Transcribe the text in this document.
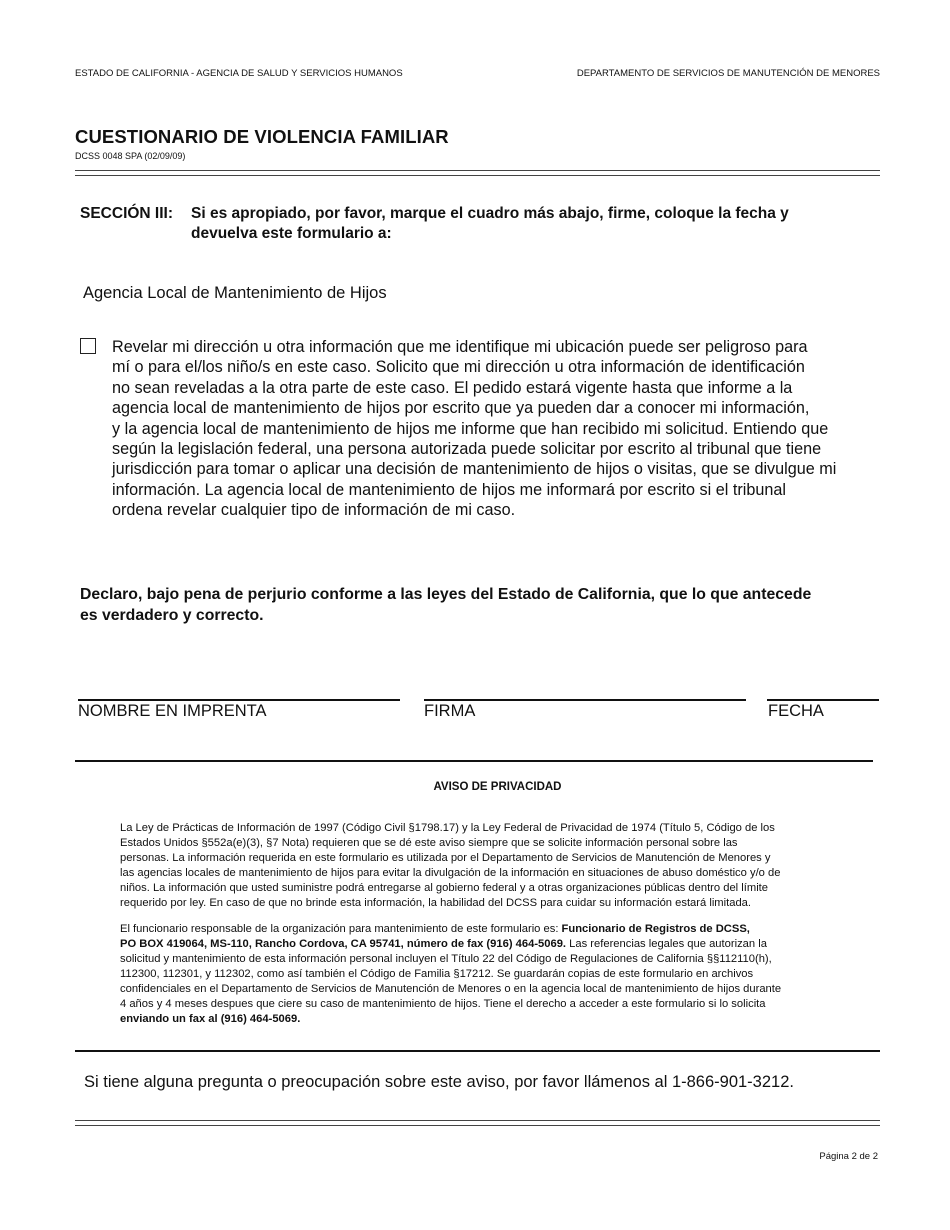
ESTADO DE CALIFORNIA - AGENCIA DE SALUD Y SERVICIOS HUMANOS	DEPARTAMENTO DE SERVICIOS DE MANUTENCIÓN DE MENORES
CUESTIONARIO DE VIOLENCIA FAMILIAR
DCSS 0048 SPA (02/09/09)
SECCIÓN III: Si es apropiado, por favor, marque el cuadro más abajo, firme, coloque la fecha y
devuelva este formulario a:
Agencia Local de Mantenimiento de Hijos
Revelar mi dirección u otra información que me identifique mi ubicación puede ser peligroso para
mí o para el/los niño/s en este caso. Solicito que mi dirección u otra información de identificación
no sean reveladas a la otra parte de este caso. El pedido estará vigente hasta que informe a la
agencia local de mantenimiento de hijos por escrito que ya pueden dar a conocer mi información,
y la agencia local de mantenimiento de hijos me informe que han recibido mi solicitud. Entiendo que
según la legislación federal, una persona autorizada puede solicitar por escrito al tribunal que tiene
jurisdicción para tomar o aplicar una decisión de mantenimiento de hijos o visitas, que se divulgue mi
información. La agencia local de mantenimiento de hijos me informará por escrito si el tribunal
ordena revelar cualquier tipo de información de mi caso.
Declaro, bajo pena de perjurio conforme a las leyes del Estado de California, que lo que antecede
es verdadero y correcto.
NOMBRE EN IMPRENTA	FIRMA	FECHA
AVISO DE PRIVACIDAD
La Ley de Prácticas de Información de 1997 (Código Civil §1798.17) y la Ley Federal de Privacidad de 1974 (Título 5, Código de los
Estados Unidos §552a(e)(3), §7 Nota) requieren que se dé este aviso siempre que se solicite información personal sobre las
personas. La información requerida en este formulario es utilizada por el Departamento de Servicios de Manutención de Menores y
las agencias locales de mantenimiento de hijos para evitar la divulgación de la información en situaciones de abuso doméstico y/o de
niños. La información que usted suministre podrá entregarse al gobierno federal y a otras organizaciones públicas dentro del límite
requerido por ley. En caso de que no brinde esta información, la habilidad del DCSS para cuidar su información estará limitada.
El funcionario responsable de la organización para mantenimiento de este formulario es: Funcionario de Registros de DCSS,
PO BOX 419064, MS-110, Rancho Cordova, CA 95741, número de fax (916) 464-5069. Las referencias legales que autorizan la
solicitud y mantenimiento de esta información personal incluyen el Título 22 del Código de Regulaciones de California §§112110(h),
112300, 112301, y 112302, como así también el Código de Familia §17212. Se guardarán copias de este formulario en archivos
confidenciales en el Departamento de Servicios de Manutención de Menores o en la agencia local de mantenimiento de hijos durante
4 años y 4 meses despues que ciere su caso de mantenimiento de hijos. Tiene el derecho a acceder a este formulario si lo solicita
enviando un fax al (916) 464-5069.
Si tiene alguna pregunta o preocupación sobre este aviso, por favor llámenos al 1-866-901-3212.
Página 2 de 2
